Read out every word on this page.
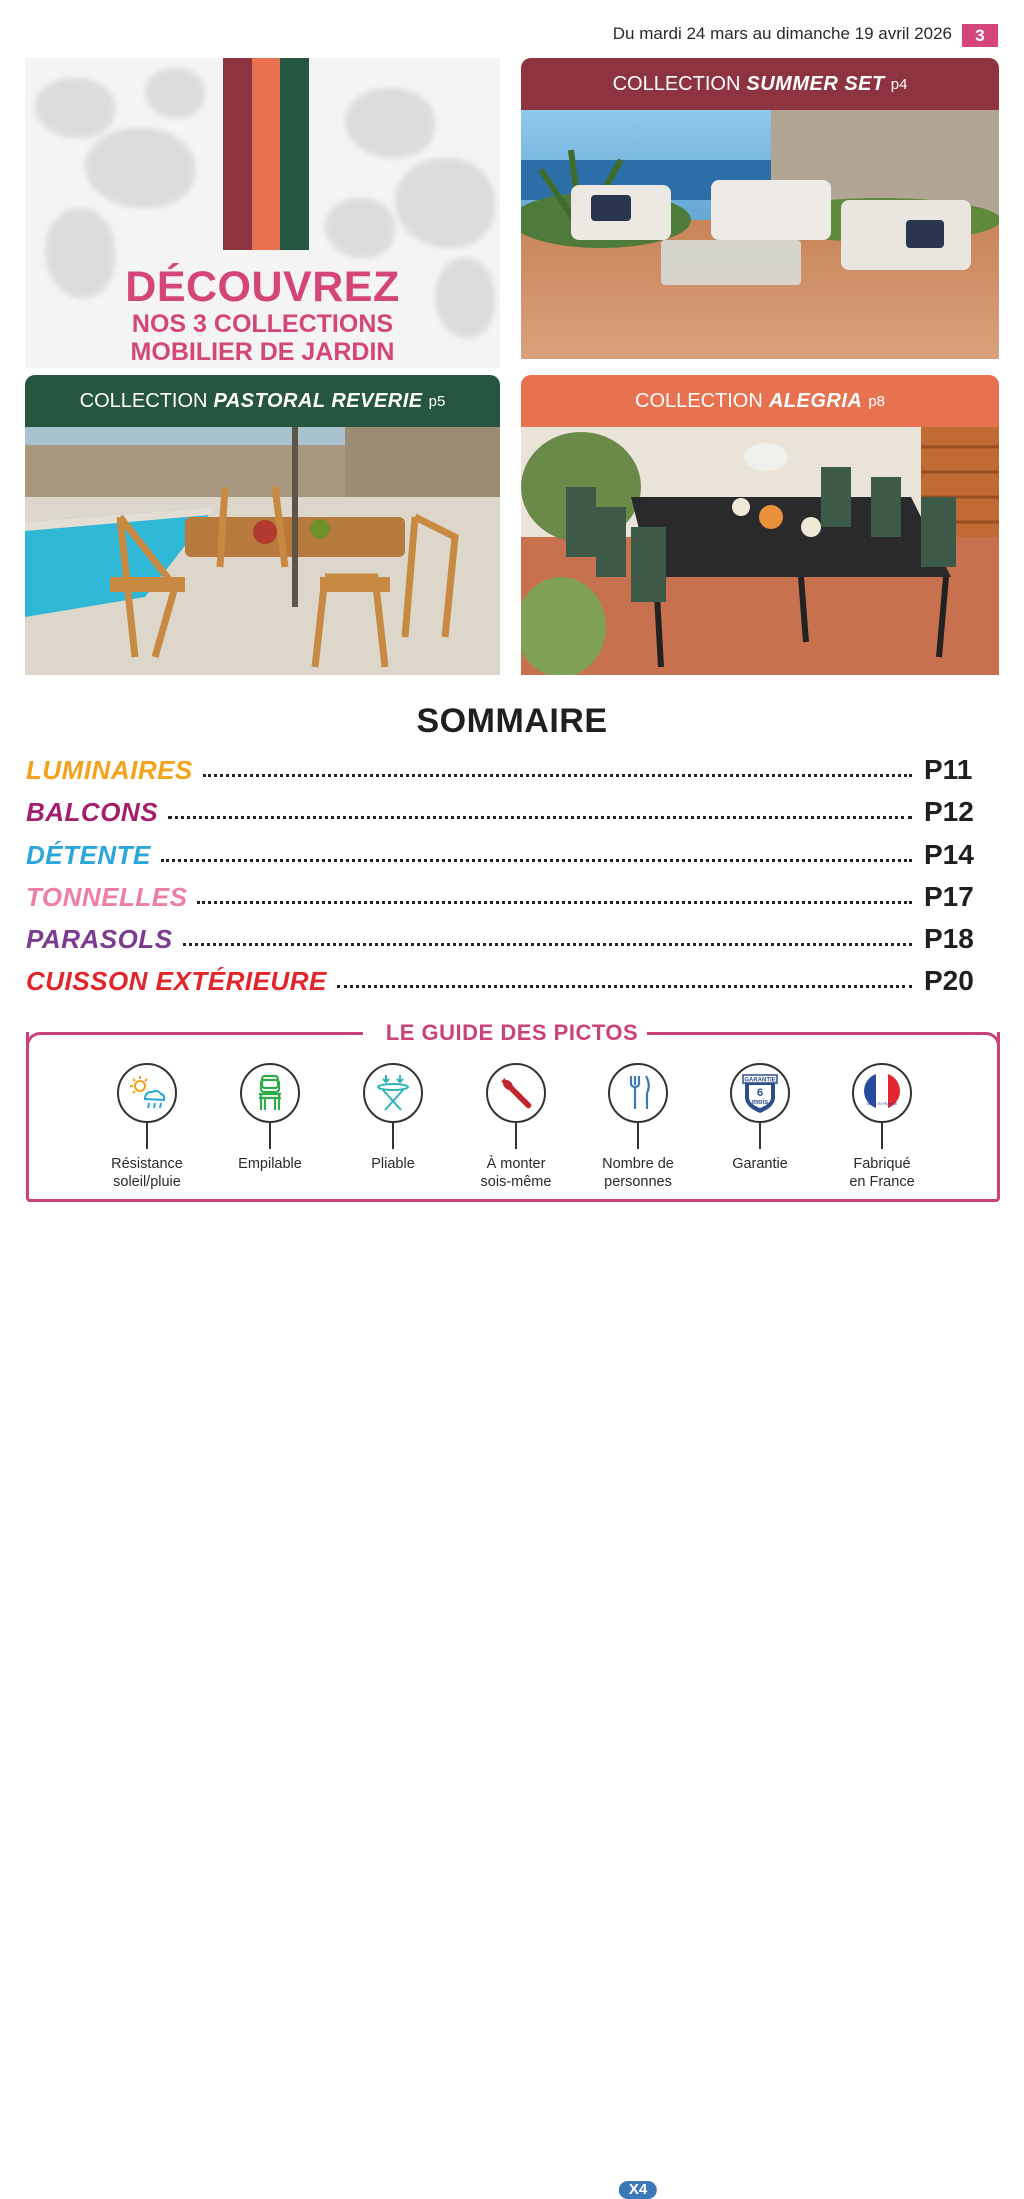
Du mardi 24 mars au dimanche 19 avril 2026	3
DÉCOUVREZ
NOS 3 COLLECTIONS
MOBILIER DE JARDIN
COLLECTION SUMMER SET p4
COLLECTION PASTORAL REVERIE p5	COLLECTION ALEGRIA p8
SOMMAIRE
LUMINAIRES	P11
BALCONS	P12
DÉTENTE	P14
TONNELLES	P17
PARASOLS	P18
CUISSON EXTÉRIEURE	P20
LE GUIDE DES PICTOS
Résistance
soleil/pluie
Empilable	Pliable	À monter
sois-même
X4
Nombre de
personnes
GARANTIE
6
mois
Garantie
MADE IN FRANCE
Fabriqué
en France
